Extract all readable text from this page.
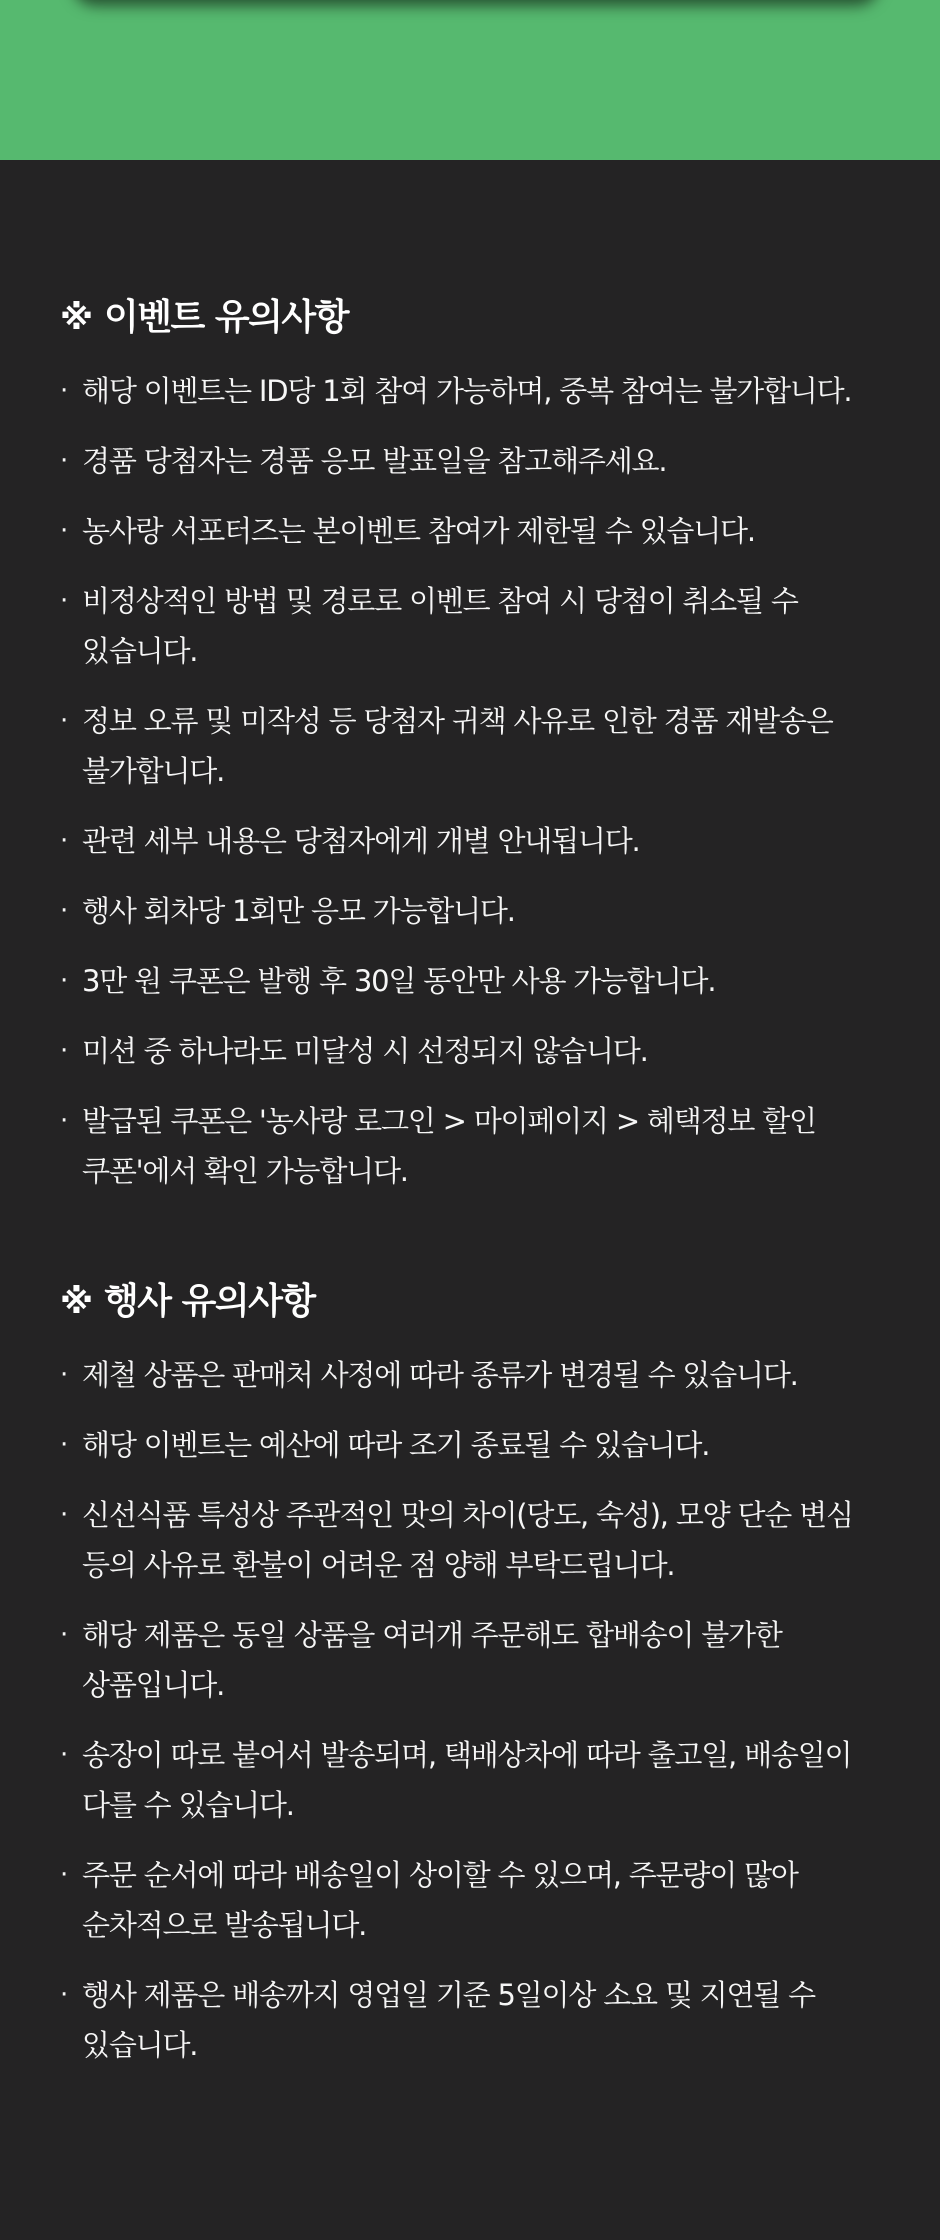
※ 이벤트 유의사항
· 해당 이벤트는 ID당 1회 참여 가능하며, 중복 참여는 불가합니다.
· 경품 당첨자는 경품 응모 발표일을 참고해주세요.
· 농사랑 서포터즈는 본이벤트 참여가 제한될 수 있습니다.
· 비정상적인 방법 및 경로로 이벤트 참여 시 당첨이 취소될 수 있습니다.
· 정보 오류 및 미작성 등 당첨자 귀책 사유로 인한 경품 재발송은 불가합니다.
· 관련 세부 내용은 당첨자에게 개별 안내됩니다.
· 행사 회차당 1회만 응모 가능합니다.
· 3만 원 쿠폰은 발행 후 30일 동안만 사용 가능합니다.
· 미션 중 하나라도 미달성 시 선정되지 않습니다.
· 발급된 쿠폰은 '농사랑 로그인 > 마이페이지 > 혜택정보 할인 쿠폰'에서 확인 가능합니다.
※ 행사 유의사항
· 제철 상품은 판매처 사정에 따라 종류가 변경될 수 있습니다.
· 해당 이벤트는 예산에 따라 조기 종료될 수 있습니다.
· 신선식품 특성상 주관적인 맛의 차이(당도, 숙성), 모양 단순 변심 등의 사유로 환불이 어려운 점 양해 부탁드립니다.
· 해당 제품은 동일 상품을 여러개 주문해도 합배송이 불가한 상품입니다.
· 송장이 따로 붙어서 발송되며, 택배상차에 따라 출고일, 배송일이 다를 수 있습니다.
· 주문 순서에 따라 배송일이 상이할 수 있으며, 주문량이 많아 순차적으로 발송됩니다.
· 행사 제품은 배송까지 영업일 기준 5일이상 소요 및 지연될 수 있습니다.
